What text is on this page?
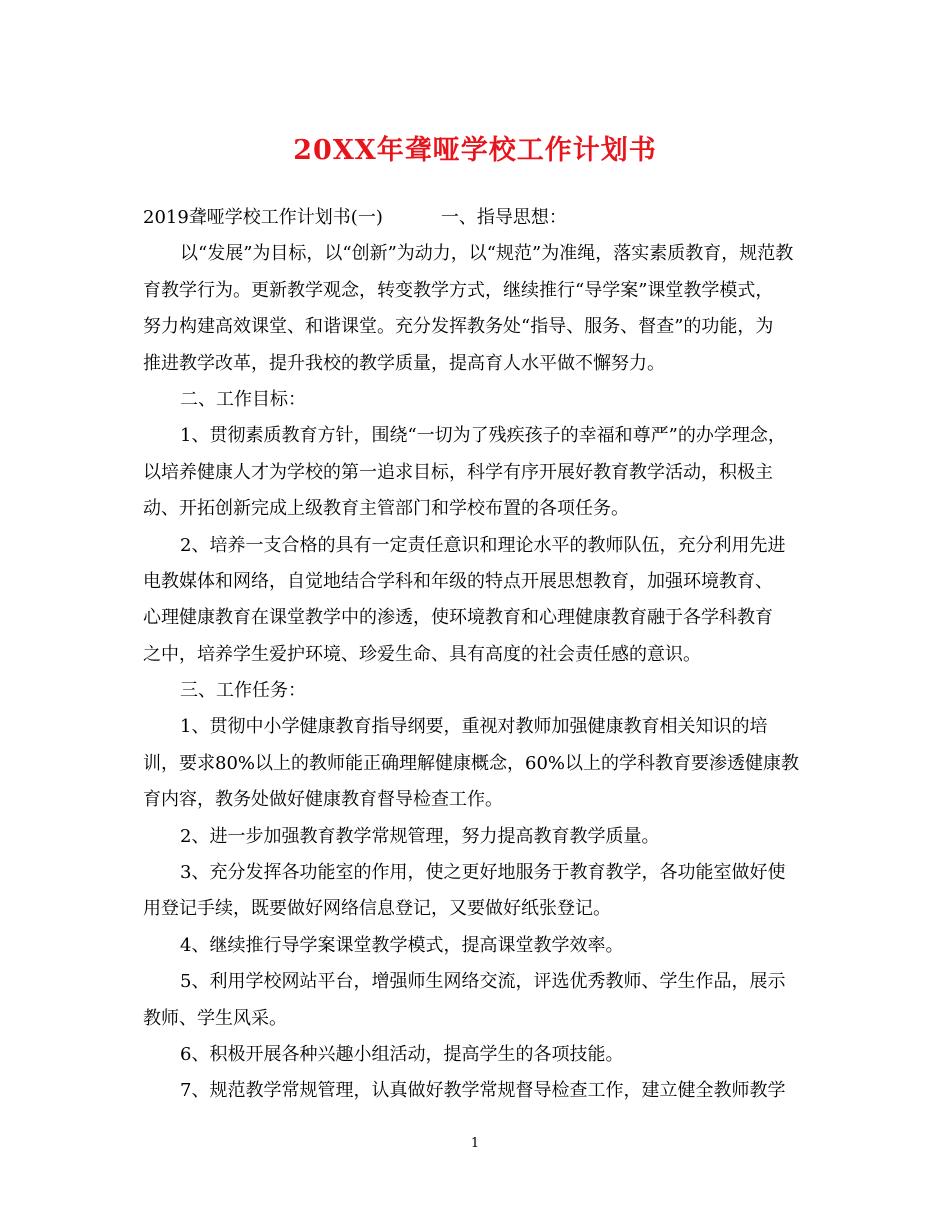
20XX年聋哑学校工作计划书
2019聋哑学校工作计划书(一)	一、指导思想：
以“发展”为目标，以“创新”为动力，以“规范”为准绳，落实素质教育，规范教
育教学行为。更新教学观念，转变教学方式，继续推行“导学案”课堂教学模式，
努力构建高效课堂、和谐课堂。充分发挥教务处“指导、服务、督查”的功能，为
推进教学改革，提升我校的教学质量，提高育人水平做不懈努力。
二、工作目标：
1、贯彻素质教育方针，围绕“一切为了残疾孩子的幸福和尊严”的办学理念，
以培养健康人才为学校的第一追求目标，科学有序开展好教育教学活动，积极主
动、开拓创新完成上级教育主管部门和学校布置的各项任务。
2、培养一支合格的具有一定责任意识和理论水平的教师队伍，充分利用先进
电教媒体和网络，自觉地结合学科和年级的特点开展思想教育，加强环境教育、
心理健康教育在课堂教学中的渗透，使环境教育和心理健康教育融于各学科教育
之中，培养学生爱护环境、珍爱生命、具有高度的社会责任感的意识。
三、工作任务：
1、贯彻中小学健康教育指导纲要，重视对教师加强健康教育相关知识的培
训，要求80%以上的教师能正确理解健康概念，60%以上的学科教育要渗透健康教
育内容，教务处做好健康教育督导检查工作。
2、进一步加强教育教学常规管理，努力提高教育教学质量。
3、充分发挥各功能室的作用，使之更好地服务于教育教学，各功能室做好使
用登记手续，既要做好网络信息登记，又要做好纸张登记。
4、继续推行导学案课堂教学模式，提高课堂教学效率。
5、利用学校网站平台，增强师生网络交流，评选优秀教师、学生作品，展示
教师、学生风采。
6、积极开展各种兴趣小组活动，提高学生的各项技能。
7、规范教学常规管理，认真做好教学常规督导检查工作，建立健全教师教学
1
